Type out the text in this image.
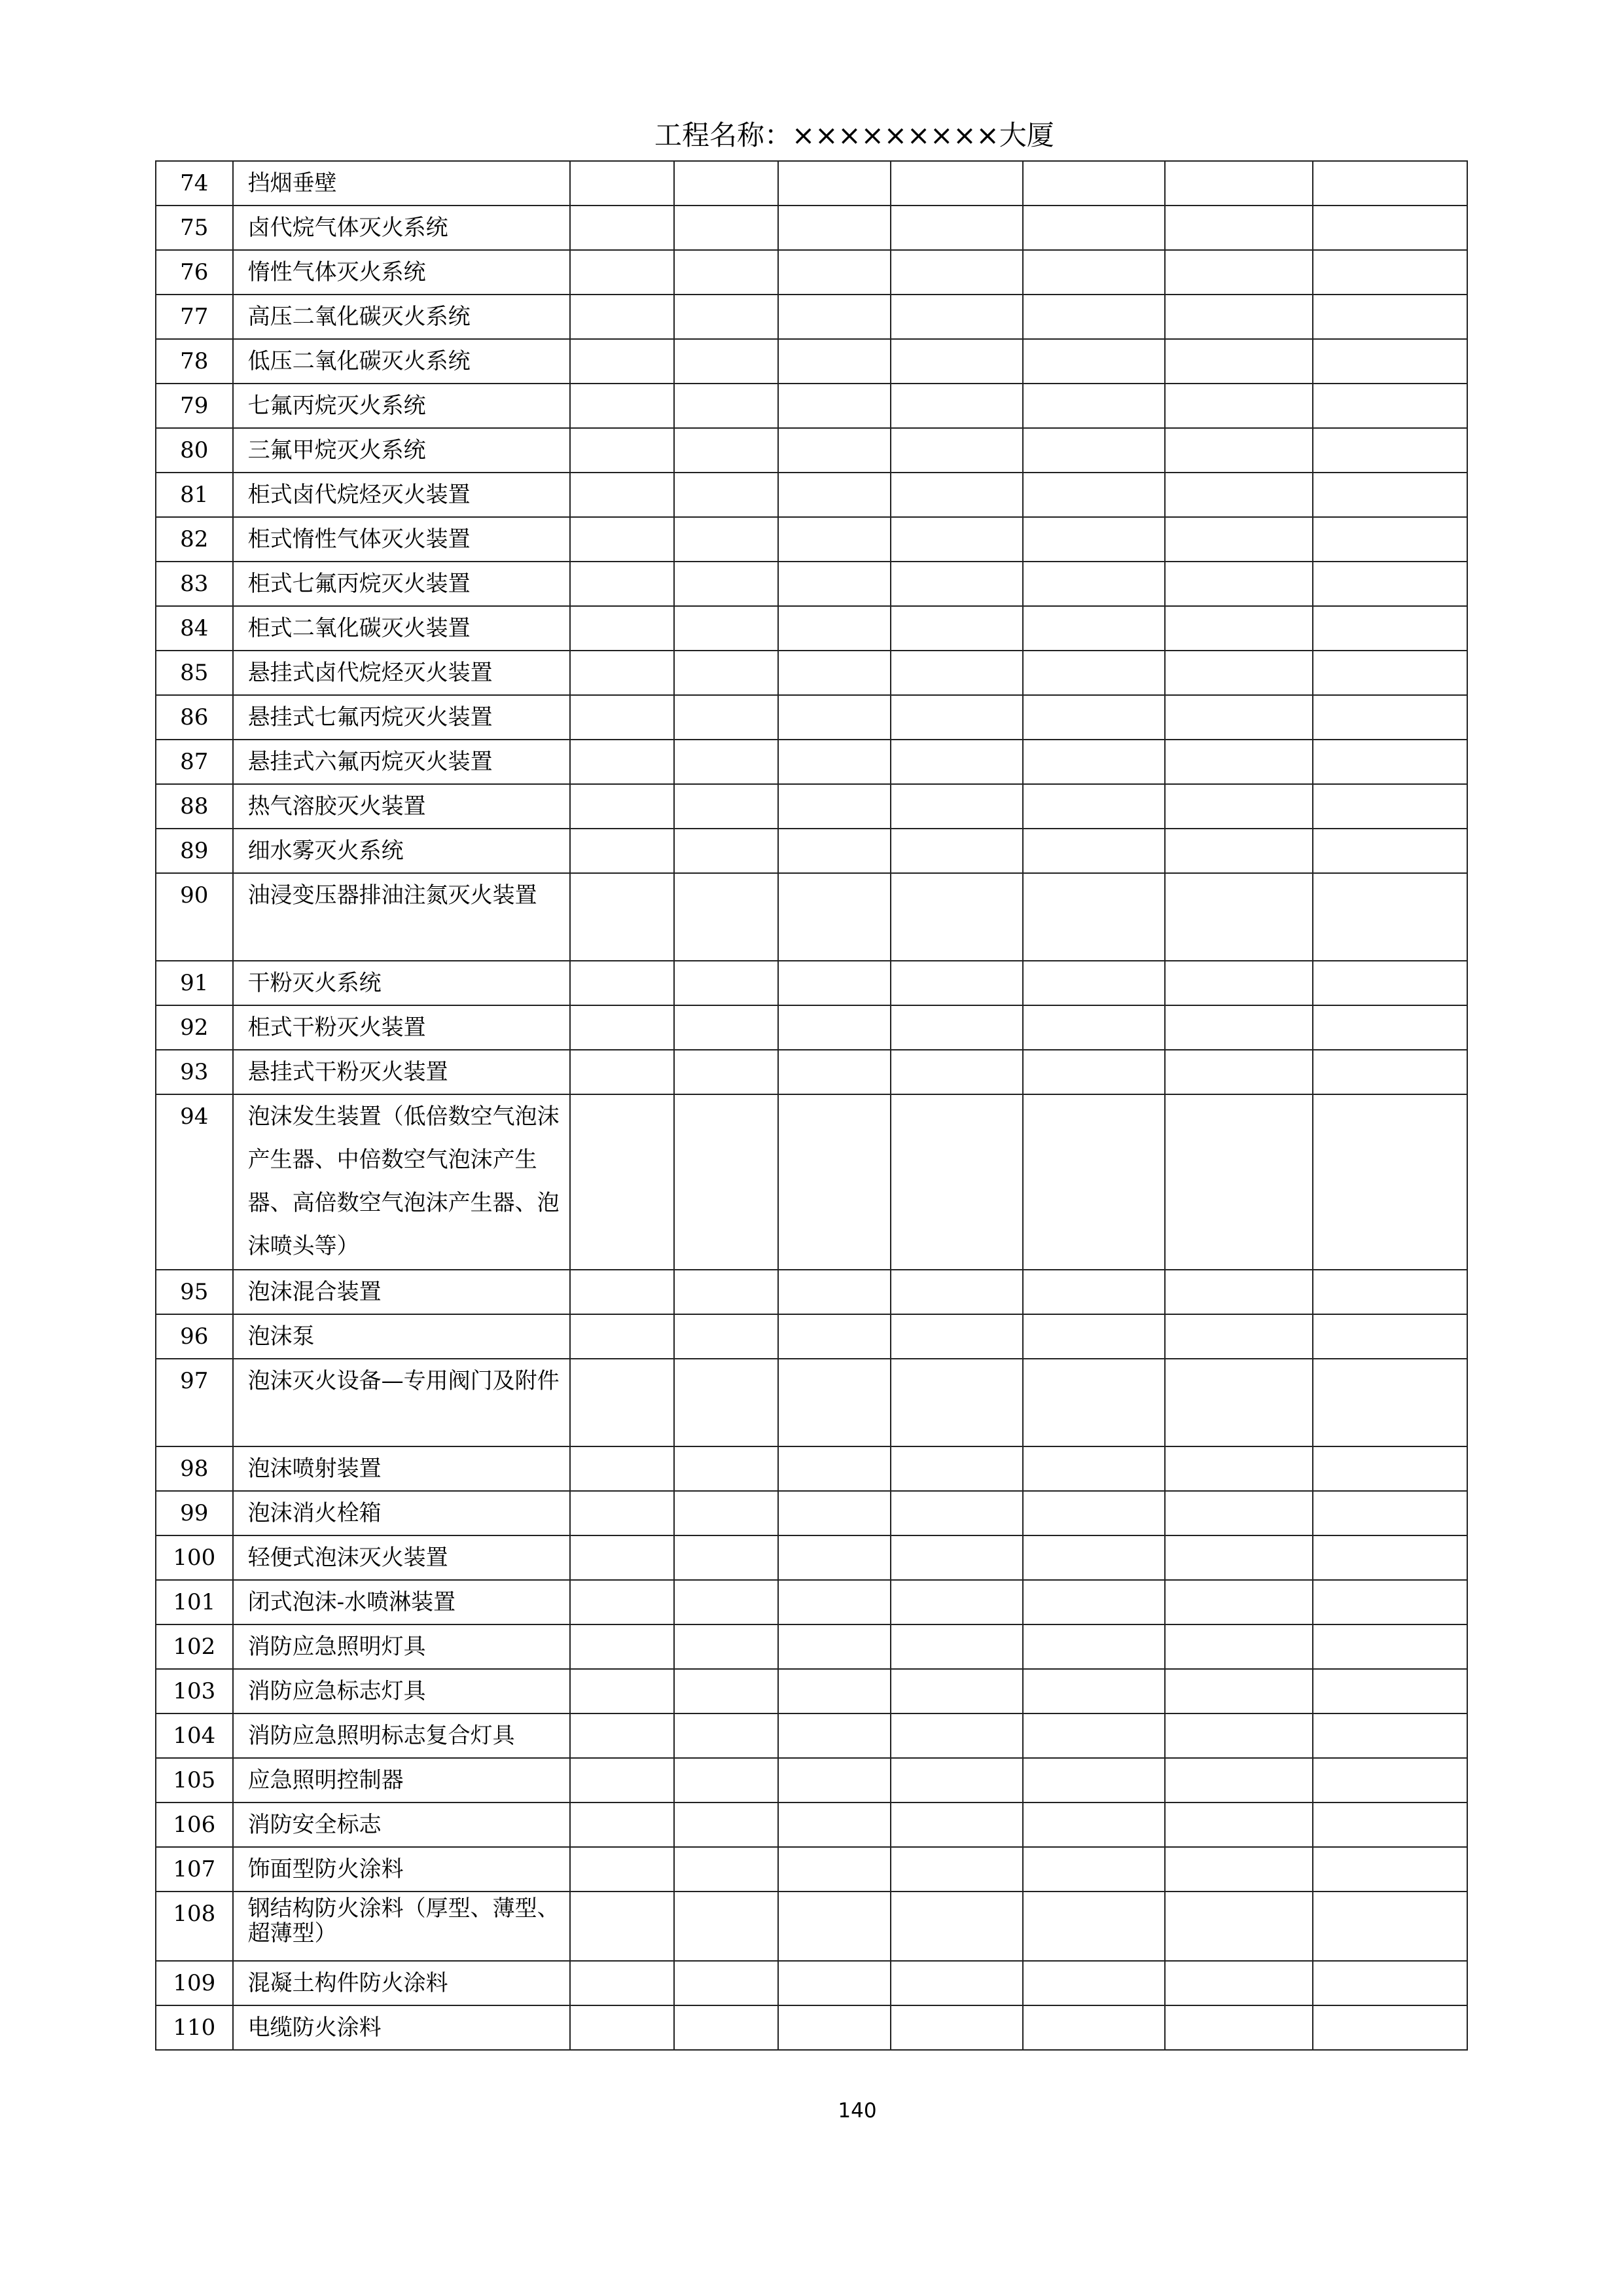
工程名称：×××××××××大厦
74	挡烟垂壁							
75	卤代烷气体灭火系统							
76	惰性气体灭火系统							
77	高压二氧化碳灭火系统							
78	低压二氧化碳灭火系统							
79	七氟丙烷灭火系统							
80	三氟甲烷灭火系统							
81	柜式卤代烷烃灭火装置							
82	柜式惰性气体灭火装置							
83	柜式七氟丙烷灭火装置							
84	柜式二氧化碳灭火装置							
85	悬挂式卤代烷烃灭火装置							
86	悬挂式七氟丙烷灭火装置							
87	悬挂式六氟丙烷灭火装置							
88	热气溶胶灭火装置							
89	细水雾灭火系统							
90	油浸变压器排油注氮灭火装置							
91	干粉灭火系统							
92	柜式干粉灭火装置							
93	悬挂式干粉灭火装置							
94	泡沫发生装置（低倍数空气泡沫产生器、中倍数空气泡沫产生器、高倍数空气泡沫产生器、泡沫喷头等）							
95	泡沫混合装置							
96	泡沫泵							
97	泡沫灭火设备—专用阀门及附件							
98	泡沫喷射装置							
99	泡沫消火栓箱							
100	轻便式泡沫灭火装置							
101	闭式泡沫-水喷淋装置							
102	消防应急照明灯具							
103	消防应急标志灯具							
104	消防应急照明标志复合灯具							
105	应急照明控制器							
106	消防安全标志							
107	饰面型防火涂料							
108	钢结构防火涂料（厚型、薄型、超薄型）							
109	混凝土构件防火涂料							
110	电缆防火涂料							
140
